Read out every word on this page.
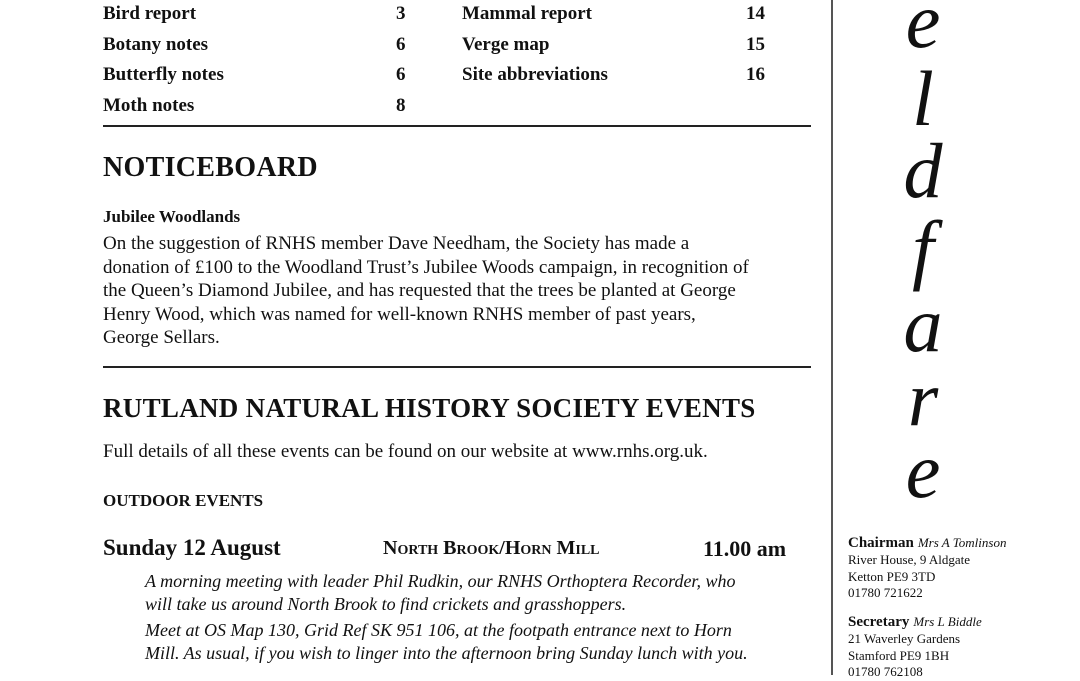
Bird report	3
Botany notes	6
Butterfly notes	6
Moth notes	8
Mammal report	14
Verge map	15
Site abbreviations	16
NOTICEBOARD
Jubilee Woodlands
On the suggestion of RNHS member Dave Needham, the Society has made a
donation of £100 to the Woodland Trust’s Jubilee Woods campaign, in recognition of
the Queen’s Diamond Jubilee, and has requested that the trees be planted at George
Henry Wood, which was named for well-known RNHS member of past years,
George Sellars.
RUTLAND NATURAL HISTORY SOCIETY EVENTS
Full details of all these events can be found on our website at www.rnhs.org.uk.
OUTDOOR EVENTS
Sunday 12 August	North Brook/Horn Mill	11.00 am
A morning meeting with leader Phil Rudkin, our RNHS Orthoptera Recorder, who
will take us around North Brook to find crickets and grasshoppers.
Meet at OS Map 130, Grid Ref SK 951 106, at the footpath entrance next to Horn
Mill. As usual, if you wish to linger into the afternoon bring Sunday lunch with you.
e
l
d
f
a
r
e
Chairman Mrs A Tomlinson
River House, 9 Aldgate
Ketton PE9 3TD
01780 721622
Secretary Mrs L Biddle
21 Waverley Gardens
Stamford PE9 1BH
01780 762108
